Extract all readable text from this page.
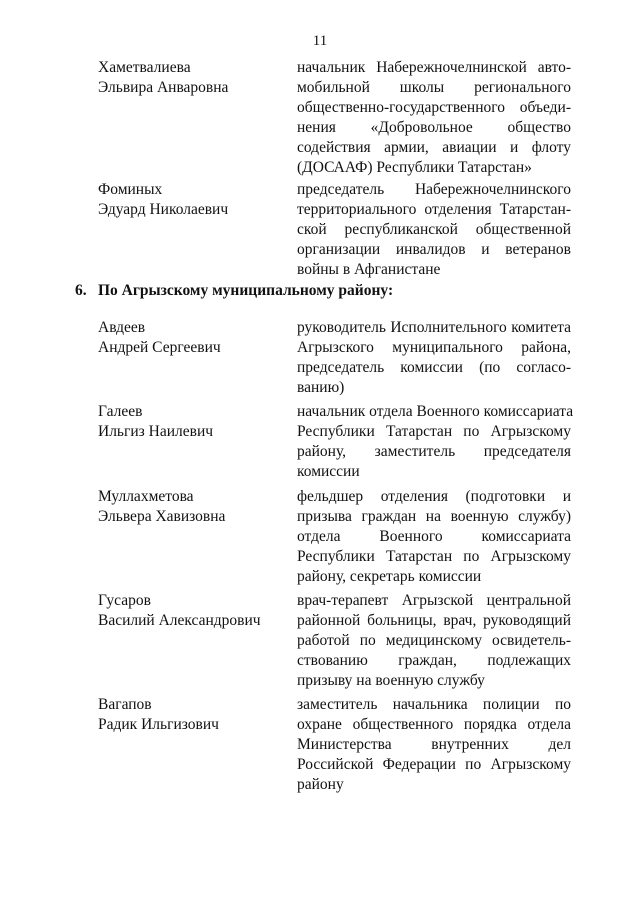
11
Хаметвалиева
Эльвира Анваровна
начальник Набережночелнинской авто-
мобильной школы регионального
общественно-государственного объеди-
нения «Добровольное общество
содействия армии, авиации и флоту
(ДОСААФ) Республики Татарстан»
Фоминых
Эдуард Николаевич
председатель Набережночелнинского
территориального отделения Татарстан-
ской республиканской общественной
организации инвалидов и ветеранов
войны в Афганистане
6. По Агрызскому муниципальному району:
Авдеев
Андрей Сергеевич
руководитель Исполнительного комитета
Агрызского муниципального района,
председатель комиссии (по согласо-
ванию)
Галеев
Ильгиз Наилевич
начальник отдела Военного комиссариата
Республики Татарстан по Агрызскому
району, заместитель председателя
комиссии
Муллахметова
Эльвера Хавизовна
фельдшер отделения (подготовки и
призыва граждан на военную службу)
отдела Военного комиссариата
Республики Татарстан по Агрызскому
району, секретарь комиссии
Гусаров
Василий Александрович
врач-терапевт Агрызской центральной
районной больницы, врач, руководящий
работой по медицинскому освидетель-
ствованию граждан, подлежащих
призыву на военную службу
Вагапов
Радик Ильгизович
заместитель начальника полиции по
охране общественного порядка отдела
Министерства внутренних дел
Российской Федерации по Агрызскому
району
